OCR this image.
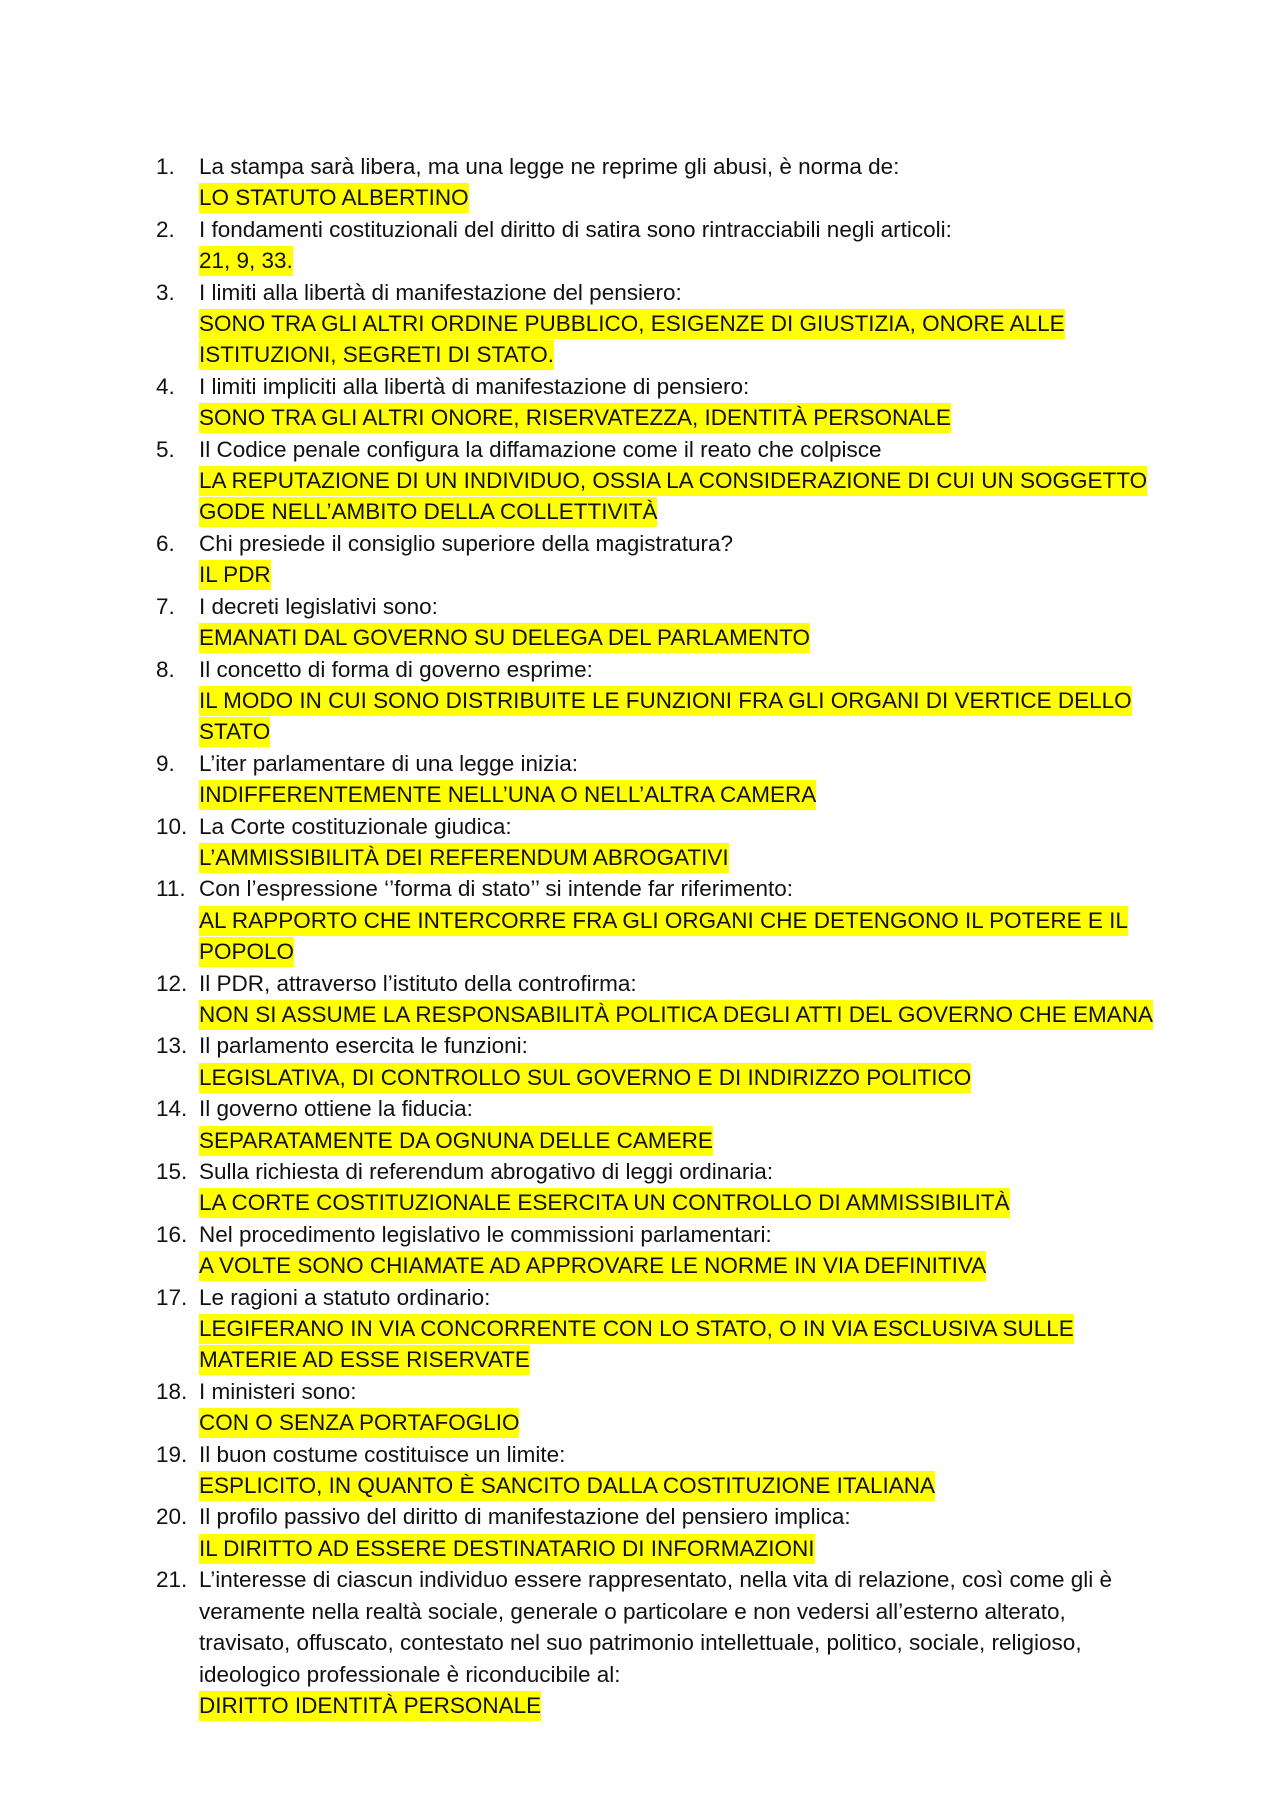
1.	La stampa sarà libera, ma una legge ne reprime gli abusi, è norma de:
LO STATUTO ALBERTINO
2.	I fondamenti costituzionali del diritto di satira sono rintracciabili negli articoli:
21, 9, 33.
3.	I limiti alla libertà di manifestazione del pensiero:
SONO TRA GLI ALTRI ORDINE PUBBLICO, ESIGENZE DI GIUSTIZIA, ONORE ALLE ISTITUZIONI, SEGRETI DI STATO.
4.	I limiti impliciti alla libertà di manifestazione di pensiero:
SONO TRA GLI ALTRI ONORE, RISERVATEZZA, IDENTITÀ PERSONALE
5.	Il Codice penale configura la diffamazione come il reato che colpisce
LA REPUTAZIONE DI UN INDIVIDUO, OSSIA LA CONSIDERAZIONE DI CUI UN SOGGETTO GODE NELL’AMBITO DELLA COLLETTIVITÀ
6.	Chi presiede il consiglio superiore della magistratura?
IL PDR
7.	I decreti legislativi sono:
EMANATI DAL GOVERNO SU DELEGA DEL PARLAMENTO
8.	Il concetto di forma di governo esprime:
IL MODO IN CUI SONO DISTRIBUITE LE FUNZIONI FRA GLI ORGANI DI VERTICE DELLO STATO
9.	L’iter parlamentare di una legge inizia:
INDIFFERENTEMENTE NELL’UNA O NELL’ALTRA CAMERA
10. La Corte costituzionale giudica:
L’AMMISSIBILITÀ DEI REFERENDUM ABROGATIVI
11. Con l’espressione ‘’forma di stato’’ si intende far riferimento:
AL RAPPORTO CHE INTERCORRE FRA GLI ORGANI CHE DETENGONO IL POTERE E IL POPOLO
12. Il PDR, attraverso l’istituto della controfirma:
NON SI ASSUME LA RESPONSABILITÀ POLITICA DEGLI ATTI DEL GOVERNO CHE EMANA
13. Il parlamento esercita le funzioni:
LEGISLATIVA, DI CONTROLLO SUL GOVERNO E DI INDIRIZZO POLITICO
14. Il governo ottiene la fiducia:
SEPARATAMENTE DA OGNUNA DELLE CAMERE
15. Sulla richiesta di referendum abrogativo di leggi ordinaria:
LA CORTE COSTITUZIONALE ESERCITA UN CONTROLLO DI AMMISSIBILITÀ
16. Nel procedimento legislativo le commissioni parlamentari:
A VOLTE SONO CHIAMATE AD APPROVARE LE NORME IN VIA DEFINITIVA
17. Le ragioni a statuto ordinario:
LEGIFERANO IN VIA CONCORRENTE CON LO STATO, O IN VIA ESCLUSIVA SULLE MATERIE AD ESSE RISERVATE
18. I ministeri sono:
CON O SENZA PORTAFOGLIO
19. Il buon costume costituisce un limite:
ESPLICITO, IN QUANTO È SANCITO DALLA COSTITUZIONE ITALIANA
20. Il profilo passivo del diritto di manifestazione del pensiero implica:
IL DIRITTO AD ESSERE DESTINATARIO DI INFORMAZIONI
21. L’interesse di ciascun individuo essere rappresentato, nella vita di relazione, così come gli è veramente nella realtà sociale, generale o particolare e non vedersi all’esterno alterato, travisato, offuscato, contestato nel suo patrimonio intellettuale, politico, sociale, religioso, ideologico professionale è riconducibile al:
DIRITTO IDENTITÀ PERSONALE
